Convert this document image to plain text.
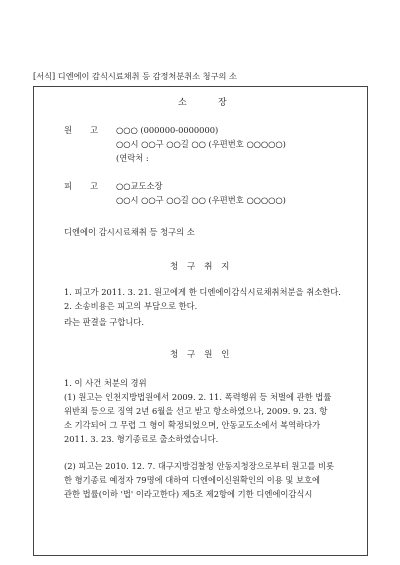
[서식] 디엔에이 감식시료채취 등 감정처분취소 청구의 소
소	장
원 고 ○○○ (000000-0000000)
○○시 ○○구 ○○길 ○○ (우편번호 ○○○○○)
(연락처 :
피 고 ○○교도소장
○○시 ○○구 ○○길 ○○ (우편번호 ○○○○○)
디엔에이 감시시료채취 등 청구의 소
청 구 취 지
1. 피고가 2011. 3. 21. 원고에게 한 디엔에이감식시료채취처분을 취소한다.
2. 소송비용은 피고의 부담으로 한다.
라는 판결을 구합니다.
청 구 원 인
1. 이 사건 처분의 경위
(1) 원고는 인천지방법원에서 2009. 2. 11. 폭력행위 등 처벌에 관한 법률
위반죄 등으로 징역 2년 6월을 선고 받고 항소하였으나, 2009. 9. 23. 항
소 기각되어 그 무렵 그 형이 확정되었으며, 안동교도소에서 복역하다가
2011. 3. 23. 형기종료로 출소하였습니다.
(2) 피고는 2010. 12. 7. 대구지방검찰청 안동지청장으로부터 원고를 비롯
한 형기종료 예정자 79명에 대하여 디엔에이신원확인의 이용 및 보호에
관한 법률(이하 '법' 이라고한다) 제5조 제2항에 기한 디엔에이감식시
